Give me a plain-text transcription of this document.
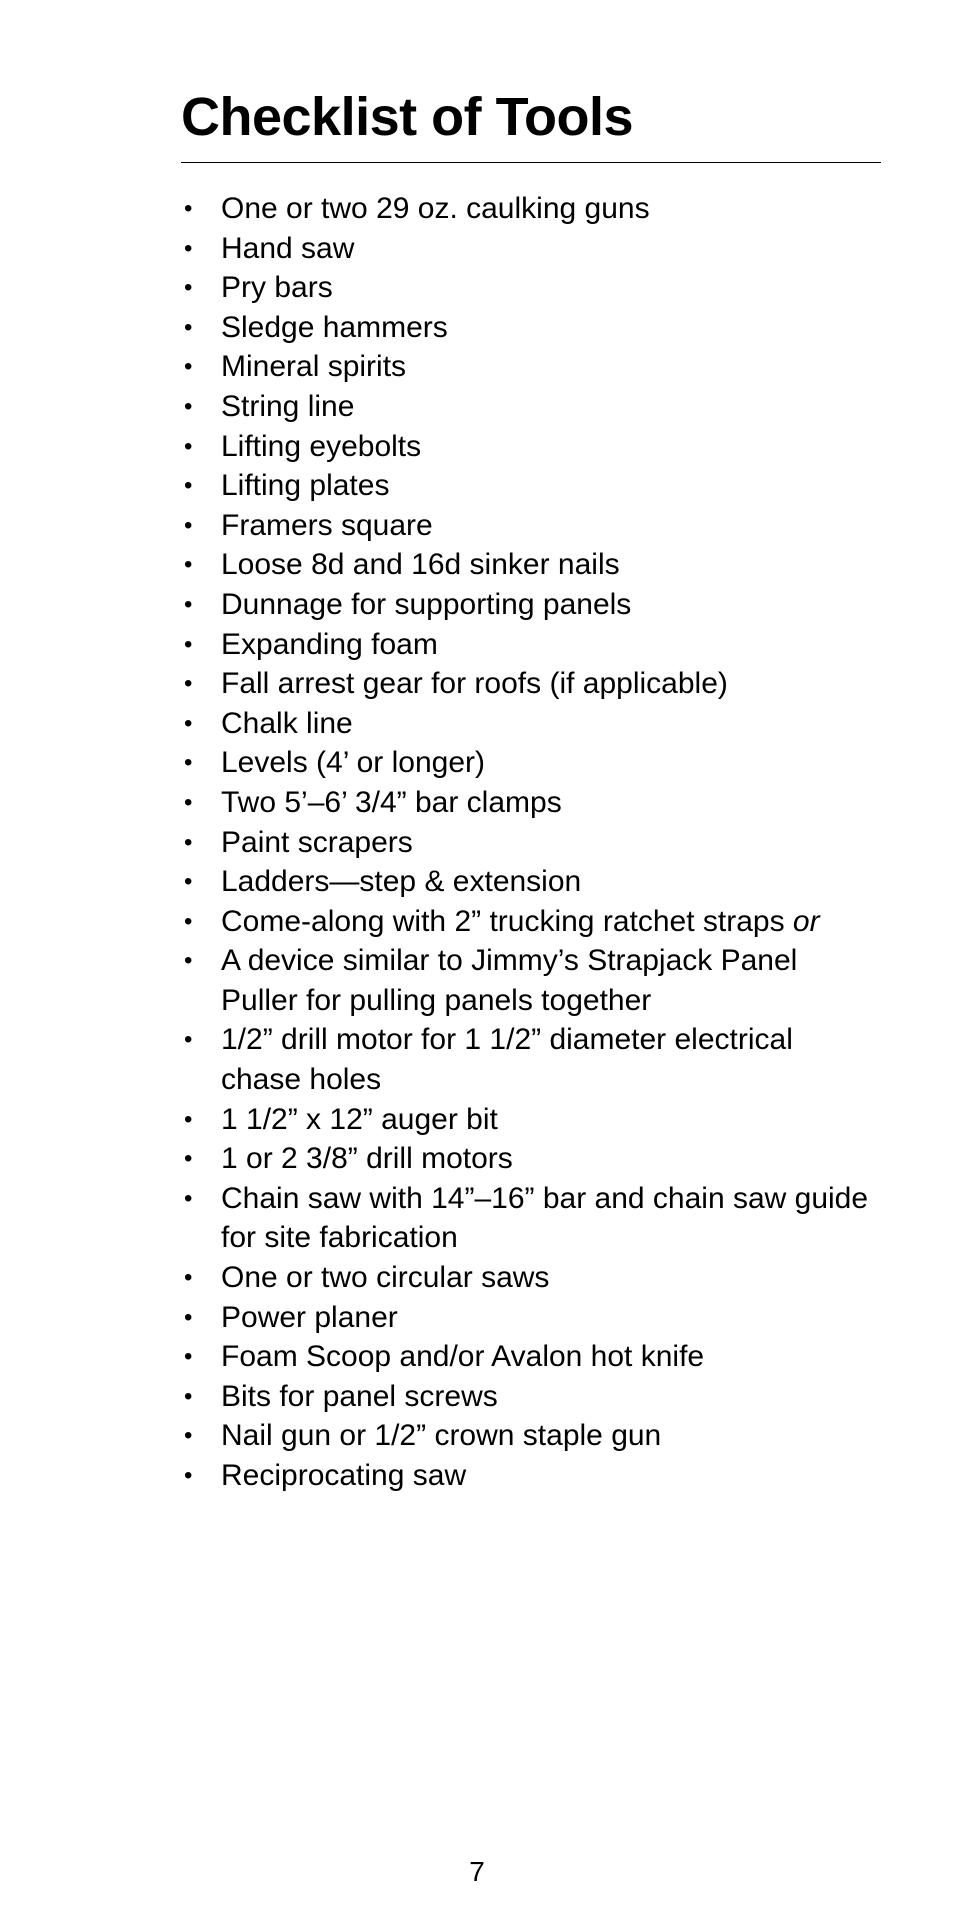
Checklist of Tools
• One or two 29 oz. caulking guns
• Hand saw
• Pry bars
• Sledge hammers
• Mineral spirits
• String line
• Lifting eyebolts
• Lifting plates
• Framers square
• Loose 8d and 16d sinker nails
• Dunnage for supporting panels
• Expanding foam
• Fall arrest gear for roofs (if applicable)
• Chalk line
• Levels (4’ or longer)
• Two 5’–6’ 3/4” bar clamps
• Paint scrapers
• Ladders—step & extension
• Come-along with 2” trucking ratchet straps or
• A device similar to Jimmy’s Strapjack Panel Puller for pulling panels together
• 1/2” drill motor for 1 1/2” diameter electrical chase holes
• 1 1/2” x 12” auger bit
• 1 or 2 3/8” drill motors
• Chain saw with 14”–16” bar and chain saw guide for site fabrication
• One or two circular saws
• Power planer
• Foam Scoop and/or Avalon hot knife
• Bits for panel screws
• Nail gun or 1/2” crown staple gun
• Reciprocating saw
7
